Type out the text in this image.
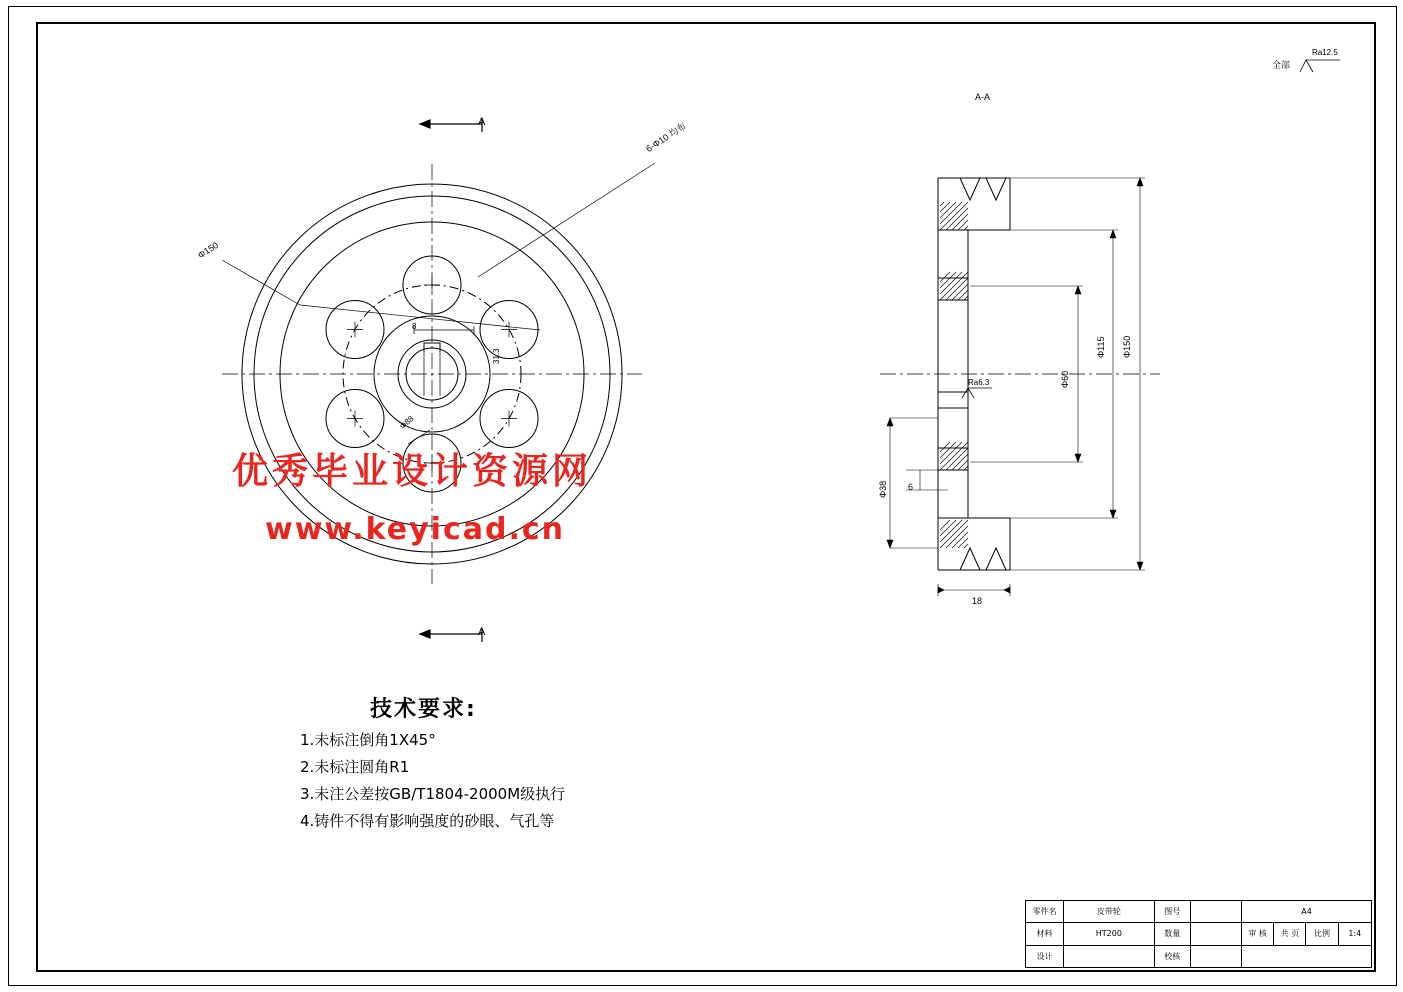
全部
Ra12.5
A-A
A
A
6-Φ10 均布
Φ150
8
31.3
Φ88
Φ150
Φ115
Φ60
Φ38
18
6
Ra6.3
技术要求:
1.未标注倒角1X45°
2.未标注圆角R1
3.未注公差按GB/T1804-2000M级执行
4.铸件不得有影响强度的砂眼、气孔等
优秀毕业设计资源网
www.keyicad.cn
零件名	皮带轮	图号		A4			
材料	HT200	数量		审 核	共 页	比例	1:4
设计		校核					
